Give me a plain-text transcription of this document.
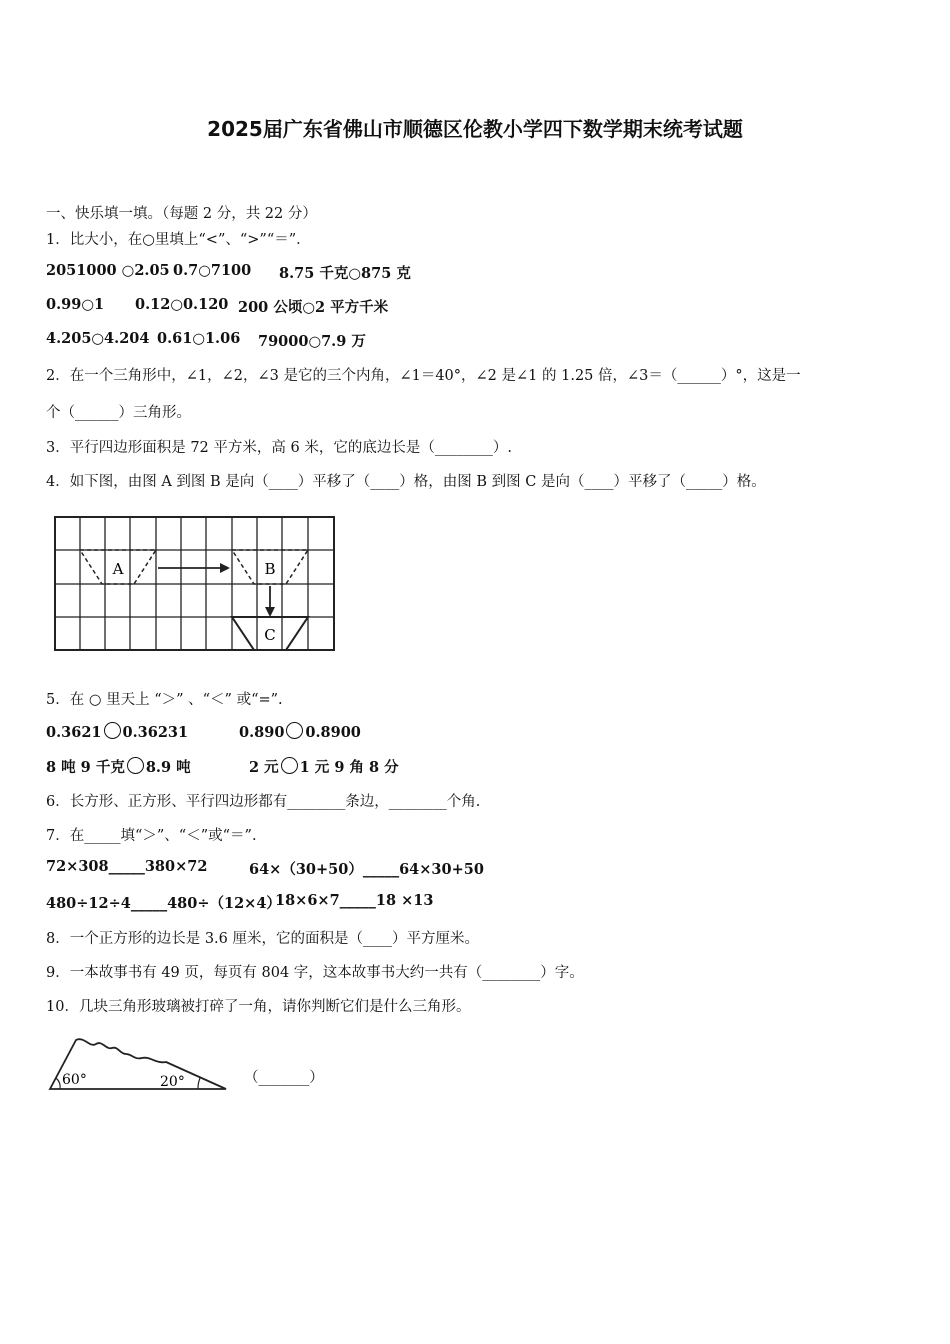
2025届广东省佛山市顺德区伦教小学四下数学期末统考试题
一、快乐填一填。（每题 2 分，共 22 分）
1．比大小，在○里填上“<”、“>”“＝”．
2051000 ○2.05 0.7○7100 8.75 千克○875 克
0.99○1 0.12○0.120 200 公顷○2 平方千米
4.205○4.204 0.61○1.06 79000○7.9 万
2．在一个三角形中，∠1，∠2，∠3 是它的三个内角，∠1＝40°，∠2 是∠1 的 1.25 倍，∠3＝（______）°，这是一
个（______）三角形。
3．平行四边形面积是 72 平方米，高 6 米，它的底边长是（________）.
4．如下图，由图 A 到图 B 是向（____）平移了（____）格，由图 B 到图 C 是向（____）平移了（_____）格。
A	B
C
5．在 ○ 里天上 “＞” 、“＜” 或“=”.
0.3621 0.36231	0.890 0.8900
8 吨 9 千克 8.9 吨	2 元 1 元 9 角 8 分
6．长方形、正方形、平行四边形都有________条边，________个角.
7．在_____填“＞”、“＜”或“＝”.
72×308_____380×72	64×（30+50）_____64×30+50
480÷12÷4_____480÷（12×4）
18×6×7_____18 ×13
8．一个正方形的边长是 3.6 厘米，它的面积是（____）平方厘米。
9．一本故事书有 49 页，每页有 804 字，这本故事书大约一共有（________）字。
10．几块三角形玻璃被打碎了一角，请你判断它们是什么三角形。
60°	20°	（_______）
